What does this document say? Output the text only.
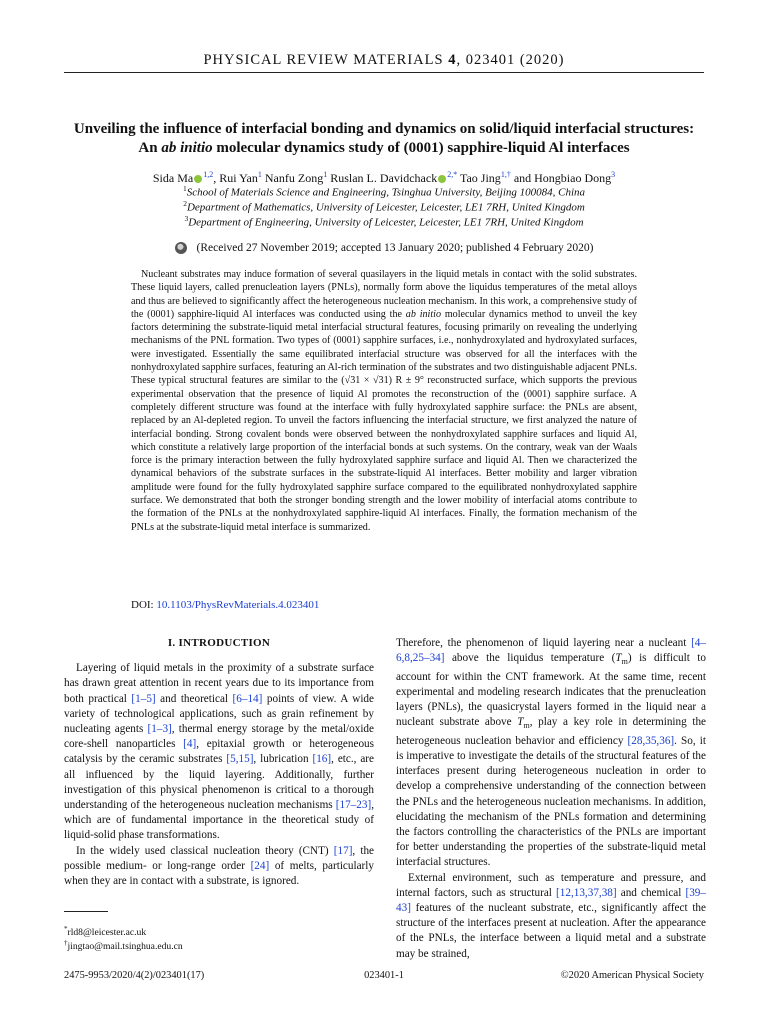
PHYSICAL REVIEW MATERIALS 4, 023401 (2020)
Unveiling the influence of interfacial bonding and dynamics on solid/liquid interfacial structures:
An ab initio molecular dynamics study of (0001) sapphire-liquid Al interfaces
Sida Ma $^{1,2}$, Rui Yan$^1$ Nanfu Zong$^1$ Ruslan L. Davidchack $^{2,*}$ Tao Jing$^{1,\dagger}$ and Hongbiao Dong$^3$
$^1$School of Materials Science and Engineering, Tsinghua University, Beijing 100084, China
$^2$Department of Mathematics, University of Leicester, Leicester, LE1 7RH, United Kingdom
$^3$Department of Engineering, University of Leicester, Leicester, LE1 7RH, United Kingdom
(Received 27 November 2019; accepted 13 January 2020; published 4 February 2020)

Nucleant substrates may induce formation of several quasilayers in the liquid metals in contact with the solid substrates. These liquid layers, called prenucleation layers (PNLs), normally form above the liquidus temperatures of the metal alloys and thus are believed to significantly affect the heterogeneous nucleation mechanism. In this work, a comprehensive study of the (0001) sapphire-liquid Al interfaces was conducted using the ab initio molecular dynamics method to unveil the key factors determining the substrate-liquid metal interfacial structural features, focusing primarily on revealing the underlying mechanisms of the PNL formation. Two types of (0001) sapphire surfaces, i.e., nonhydroxylated and hydroxylated surfaces, were investigated. Essentially the same equilibrated interfacial structure was observed for all the interfaces with the nonhydroxylated sapphire surfaces, featuring an Al-rich termination of the substrates and two distinguishable adjacent PNLs. These typical structural features are similar to the (√31 × √31) R ± 9° reconstructed surface, which supports the previous experimental observation that the presence of liquid Al promotes the reconstruction of the (0001) sapphire surface. A completely different structure was found at the interface with fully hydroxylated sapphire surface: the PNLs are absent, replaced by an Al-depleted region. To unveil the factors influencing the interfacial structure, we first analyzed the nature of interfacial bonding. Strong covalent bonds were observed between the nonhydroxylated sapphire surfaces and liquid Al, which constitute a relatively large proportion of the interfacial bonds at such systems. On the contrary, weak van der Waals force is the primary interaction between the fully hydroxylated sapphire surface and liquid Al. Then we characterized the dynamical behaviors of the substrate surfaces in the substrate-liquid Al interfaces. Better mobility and larger vibration amplitude were found for the fully hydroxylated sapphire surface compared to the equilibrated nonhydroxylated sapphire surface. We demonstrated that both the stronger bonding strength and the lower mobility of interfacial atoms contribute to the formation of the PNLs at the nonhydroxylated sapphire-liquid Al interfaces. Finally, the formation mechanism of the PNLs at the substrate-liquid metal interface is summarized.

DOI: 10.1103/PhysRevMaterials.4.023401
I. INTRODUCTION

Layering of liquid metals in the proximity of a substrate surface has drawn great attention in recent years due to its importance from both practical [1–5] and theoretical [6–14] points of view. A wide variety of technological applications, such as grain refinement by nucleating agents [1–3], thermal energy storage by the metal/oxide core-shell nanoparticles [4], epitaxial growth or heterogeneous catalysis by the ceramic substrates [5,15], lubrication [16], etc., are all influenced by the liquid layering. Additionally, further investigation of this physical phenomenon is critical to a thorough understanding of the heterogeneous nucleation mechanisms [17–23], which are of fundamental importance in the theoretical study of liquid-solid phase transformations.

In the widely used classical nucleation theory (CNT) [17], the possible medium- or long-range order [24] of melts, particularly when they are in contact with a substrate, is ignored.

Therefore, the phenomenon of liquid layering near a nucleant [4–6,8,25–34] above the liquidus temperature $(T_m)$ is difficult to account for within the CNT framework. At the same time, recent experimental and modeling research indicates that the prenucleation layers (PNLs), the quasicrystal layers formed in the liquid near a nucleant substrate above $T_m$, play a key role in determining the heterogeneous nucleation behavior and efficiency [28,35,36]. So, it is imperative to investigate the details of the structural features of the interfaces present during heterogeneous nucleation in order to develop a comprehensive understanding of the connection between the PNLs and the heterogeneous nucleation mechanisms. In addition, elucidating the mechanism of the PNLs formation and determining the factors controlling the characteristics of the PNLs are important for better understanding the properties of the substrate-liquid metal interfacial structures.

External environment, such as temperature and pressure, and internal factors, such as structural [12,13,37,38] and chemical [39–43] features of the nucleant substrate, etc., significantly affect the structure of the interfaces present at nucleation. After the appearance of the PNLs, the interface between a liquid metal and a substrate may be strained,

*rld8@leicester.ac.uk
†jingtao@mail.tsinghua.edu.cn
2475-9953/2020/4(2)/023401(17)	023401-1	©2020 American Physical Society
